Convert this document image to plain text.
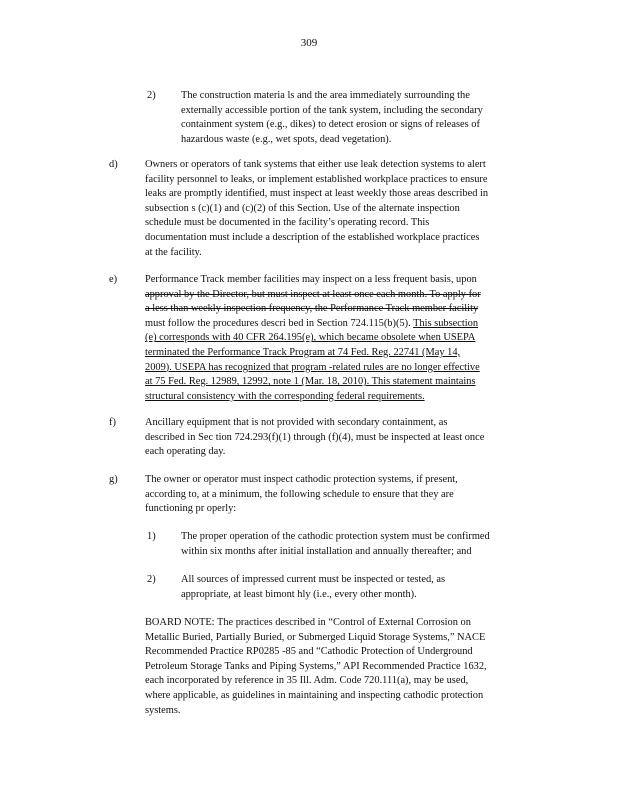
309
2) The construction materia ls and the area immediately surrounding the
externally accessible portion of the tank system, including the secondary
containment system (e.g., dikes) to detect erosion or signs of releases of
hazardous waste (e.g., wet spots, dead vegetation).
d)	Owners or operators of tank systems that either use leak detection systems to alert
facility personnel to leaks, or implement established workplace practices to ensure
leaks are promptly identified, must inspect at least weekly those areas described in
subsection s (c)(1) and (c)(2) of this Section. Use of the alternate inspection
schedule must be documented in the facility’s operating record. This
documentation must include a description of the established workplace practices
at the facility.
e)	Performance Track member facilities may inspect on a less frequent basis, upon
approval by the Director, but must inspect at least once each month. To apply for
a less than weekly inspection frequency, the Performance Track member facility
must follow the procedures descri bed in Section 724.115(b)(5). This subsection
(e) corresponds with 40 CFR 264.195(e), which became obsolete when USEPA
terminated the Performance Track Program at 74 Fed. Reg. 22741 (May 14,
2009). USEPA has recognized that program -related rules are no longer effective
at 75 Fed. Reg. 12989, 12992, note 1 (Mar. 18, 2010). This statement maintains
structural consistency with the corresponding federal requirements.
f)	Ancillary equipment that is not provided with secondary containment, as
described in Sec tion 724.293(f)(1) through (f)(4), must be inspected at least once
each operating day.
g)	The owner or operator must inspect cathodic protection systems, if present,
according to, at a minimum, the following schedule to ensure that they are
functioning pr operly:
1) The proper operation of the cathodic protection system must be confirmed
within six months after initial installation and annually thereafter; and
2) All sources of impressed current must be inspected or tested, as
appropriate, at least bimont hly (i.e., every other month).
BOARD NOTE: The practices described in “Control of External Corrosion on
Metallic Buried, Partially Buried, or Submerged Liquid Storage Systems,” NACE
Recommended Practice RP0285 -85 and “Cathodic Protection of Underground
Petroleum Storage Tanks and Piping Systems,” API Recommended Practice 1632,
each incorporated by reference in 35 Ill. Adm. Code 720.111(a), may be used,
where applicable, as guidelines in maintaining and inspecting cathodic protection
systems.
